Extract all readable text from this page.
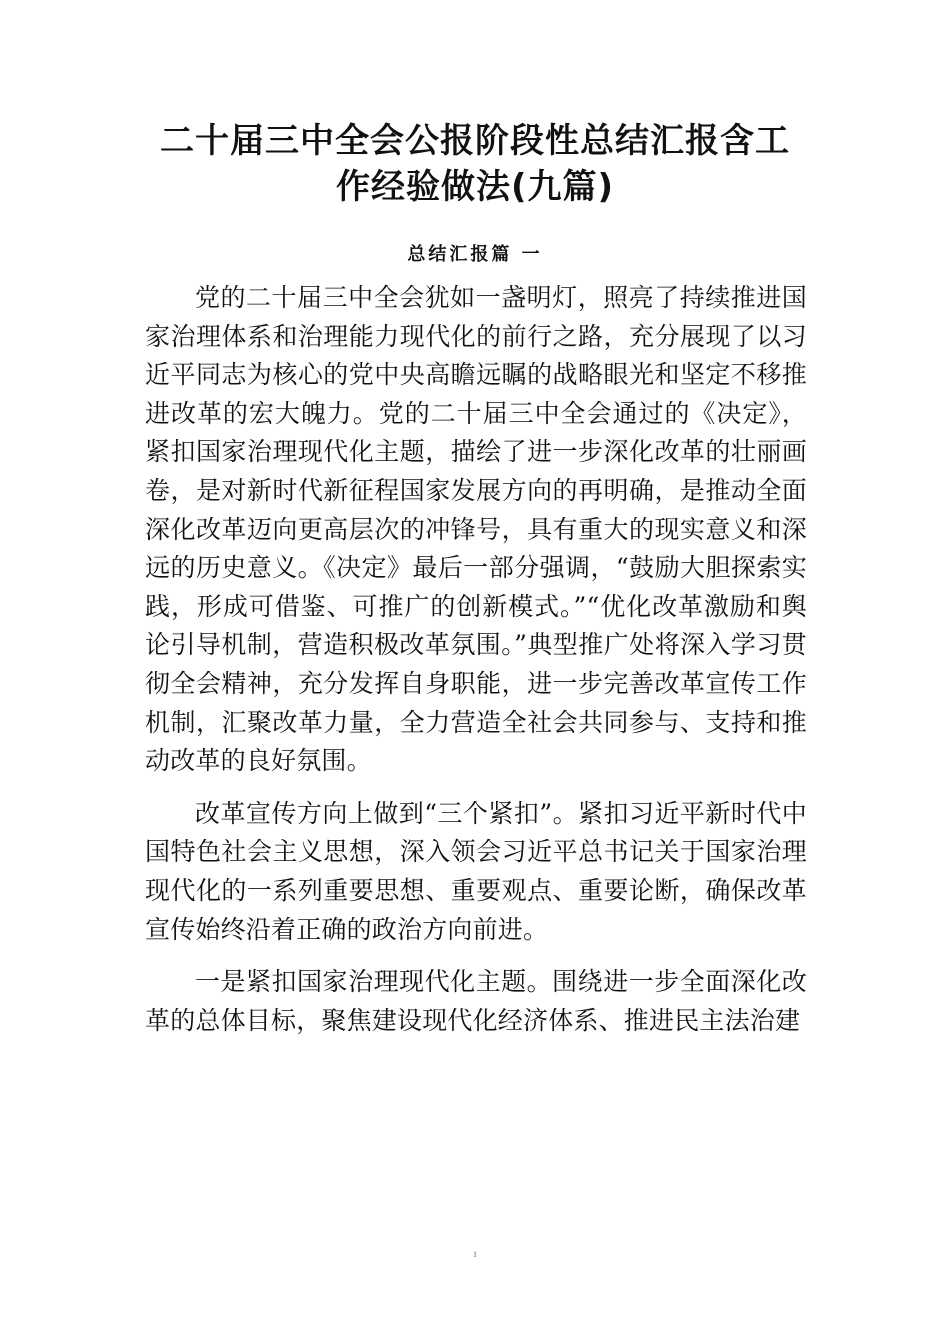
二十届三中全会公报阶段性总结汇报含工
作经验做法(九篇)
总结汇报篇 一

党的二十届三中全会犹如一盏明灯，照亮了持续推进国家治理体系和治理能力现代化的前行之路，充分展现了以习近平同志为核心的党中央高瞻远瞩的战略眼光和坚定不移推进改革的宏大魄力。党的二十届三中全会通过的《决定》，紧扣国家治理现代化主题，描绘了进一步深化改革的壮丽画卷，是对新时代新征程国家发展方向的再明确，是推动全面深化改革迈向更高层次的冲锋号，具有重大的现实意义和深远的历史意义。《决定》最后一部分强调，“鼓励大胆探索实践，形成可借鉴、可推广的创新模式。”“优化改革激励和舆论引导机制，营造积极改革氛围。”典型推广处将深入学习贯彻全会精神，充分发挥自身职能，进一步完善改革宣传工作机制，汇聚改革力量，全力营造全社会共同参与、支持和推动改革的良好氛围。

改革宣传方向上做到“三个紧扣”。紧扣习近平新时代中国特色社会主义思想，深入领会习近平总书记关于国家治理现代化的一系列重要思想、重要观点、重要论断，确保改革宣传始终沿着正确的政治方向前进。

一是紧扣国家治理现代化主题。围绕进一步全面深化改革的总体目标，聚焦建设现代化经济体系、推进民主法治建

1
